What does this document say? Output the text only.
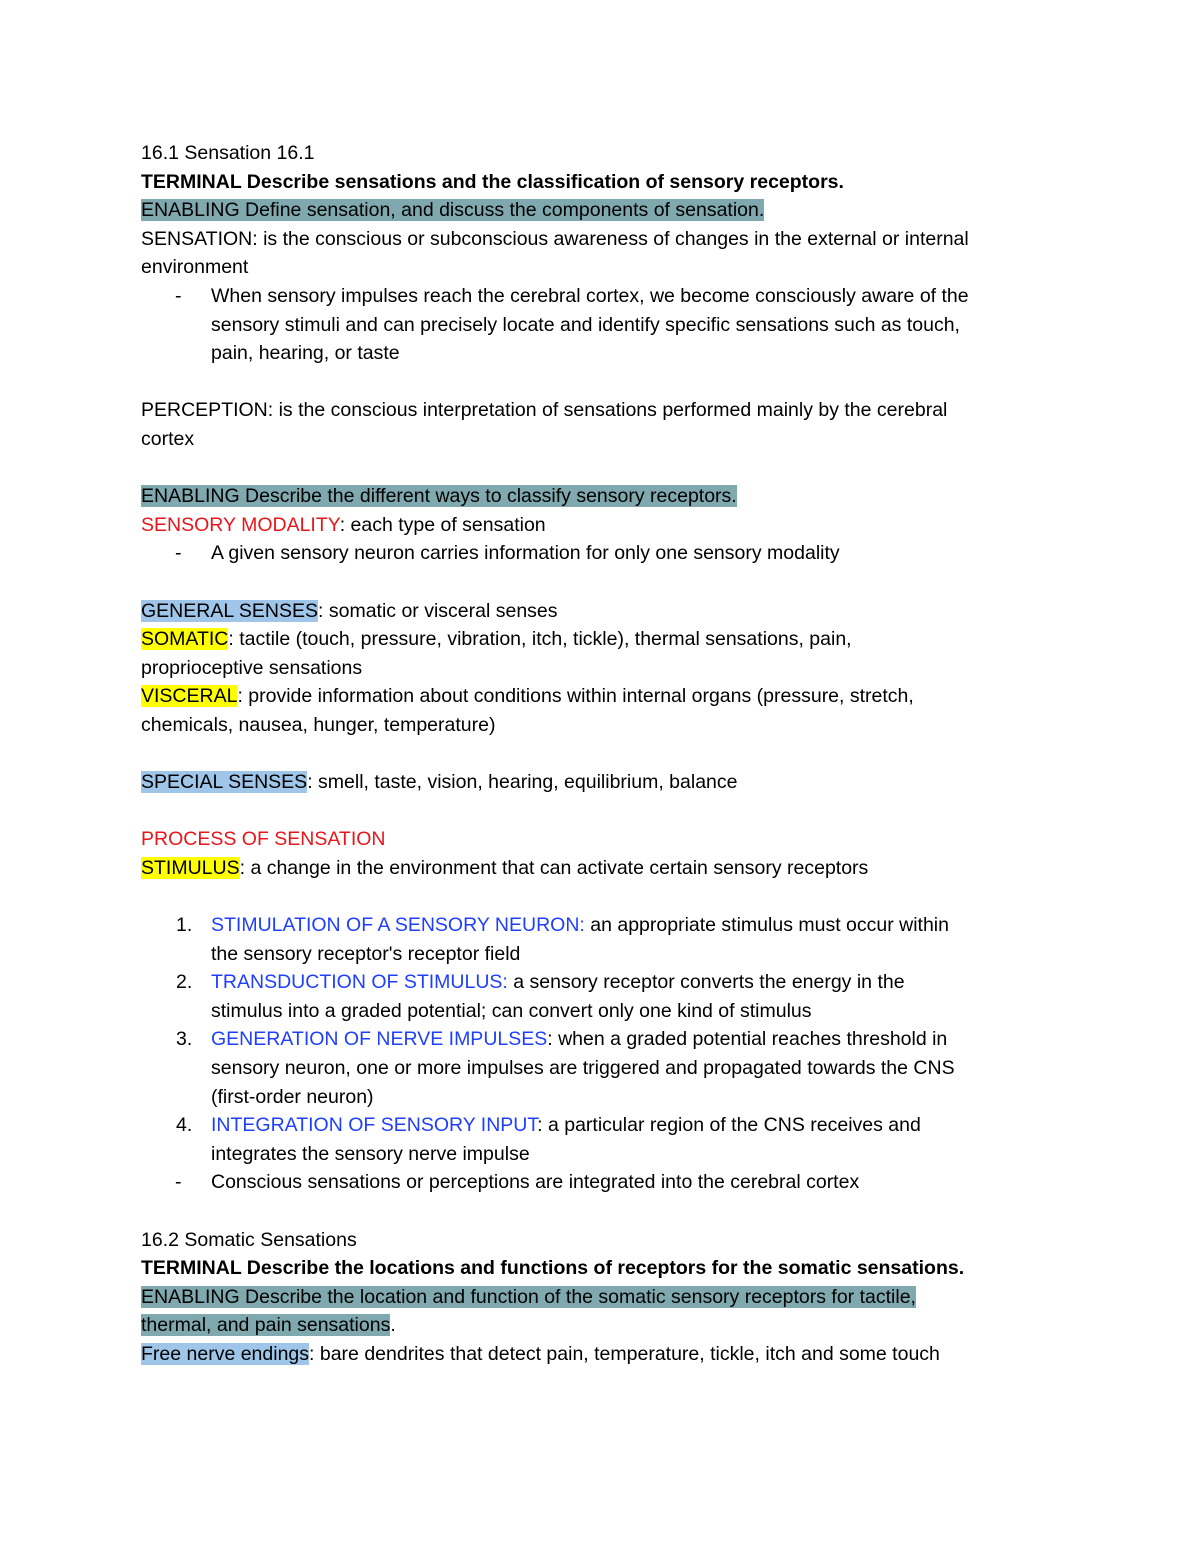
16.1 Sensation 16.1

TERMINAL Describe sensations and the classification of sensory receptors.

ENABLING Define sensation, and discuss the components of sensation.

SENSATION: is the conscious or subconscious awareness of changes in the external or internal

environment

- When sensory impulses reach the cerebral cortex, we become consciously aware of the
sensory stimuli and can precisely locate and identify specific sensations such as touch,
pain, hearing, or taste

PERCEPTION: is the conscious interpretation of sensations performed mainly by the cerebral

cortex

ENABLING Describe the different ways to classify sensory receptors.

SENSORY MODALITY: each type of sensation

- A given sensory neuron carries information for only one sensory modality

GENERAL SENSES: somatic or visceral senses

SOMATIC: tactile (touch, pressure, vibration, itch, tickle), thermal sensations, pain,

proprioceptive sensations

VISCERAL: provide information about conditions within internal organs (pressure, stretch,

chemicals, nausea, hunger, temperature)

SPECIAL SENSES: smell, taste, vision, hearing, equilibrium, balance

PROCESS OF SENSATION

STIMULUS: a change in the environment that can activate certain sensory receptors

1. STIMULATION OF A SENSORY NEURON: an appropriate stimulus must occur within
the sensory receptor's receptor field
2. TRANSDUCTION OF STIMULUS: a sensory receptor converts the energy in the
stimulus into a graded potential; can convert only one kind of stimulus
3. GENERATION OF NERVE IMPULSES: when a graded potential reaches threshold in
sensory neuron, one or more impulses are triggered and propagated towards the CNS
(first-order neuron)
4. INTEGRATION OF SENSORY INPUT: a particular region of the CNS receives and
integrates the sensory nerve impulse
- Conscious sensations or perceptions are integrated into the cerebral cortex

16.2 Somatic Sensations

TERMINAL Describe the locations and functions of receptors for the somatic sensations.

ENABLING Describe the location and function of the somatic sensory receptors for tactile,

thermal, and pain sensations.

Free nerve endings: bare dendrites that detect pain, temperature, tickle, itch and some touch
